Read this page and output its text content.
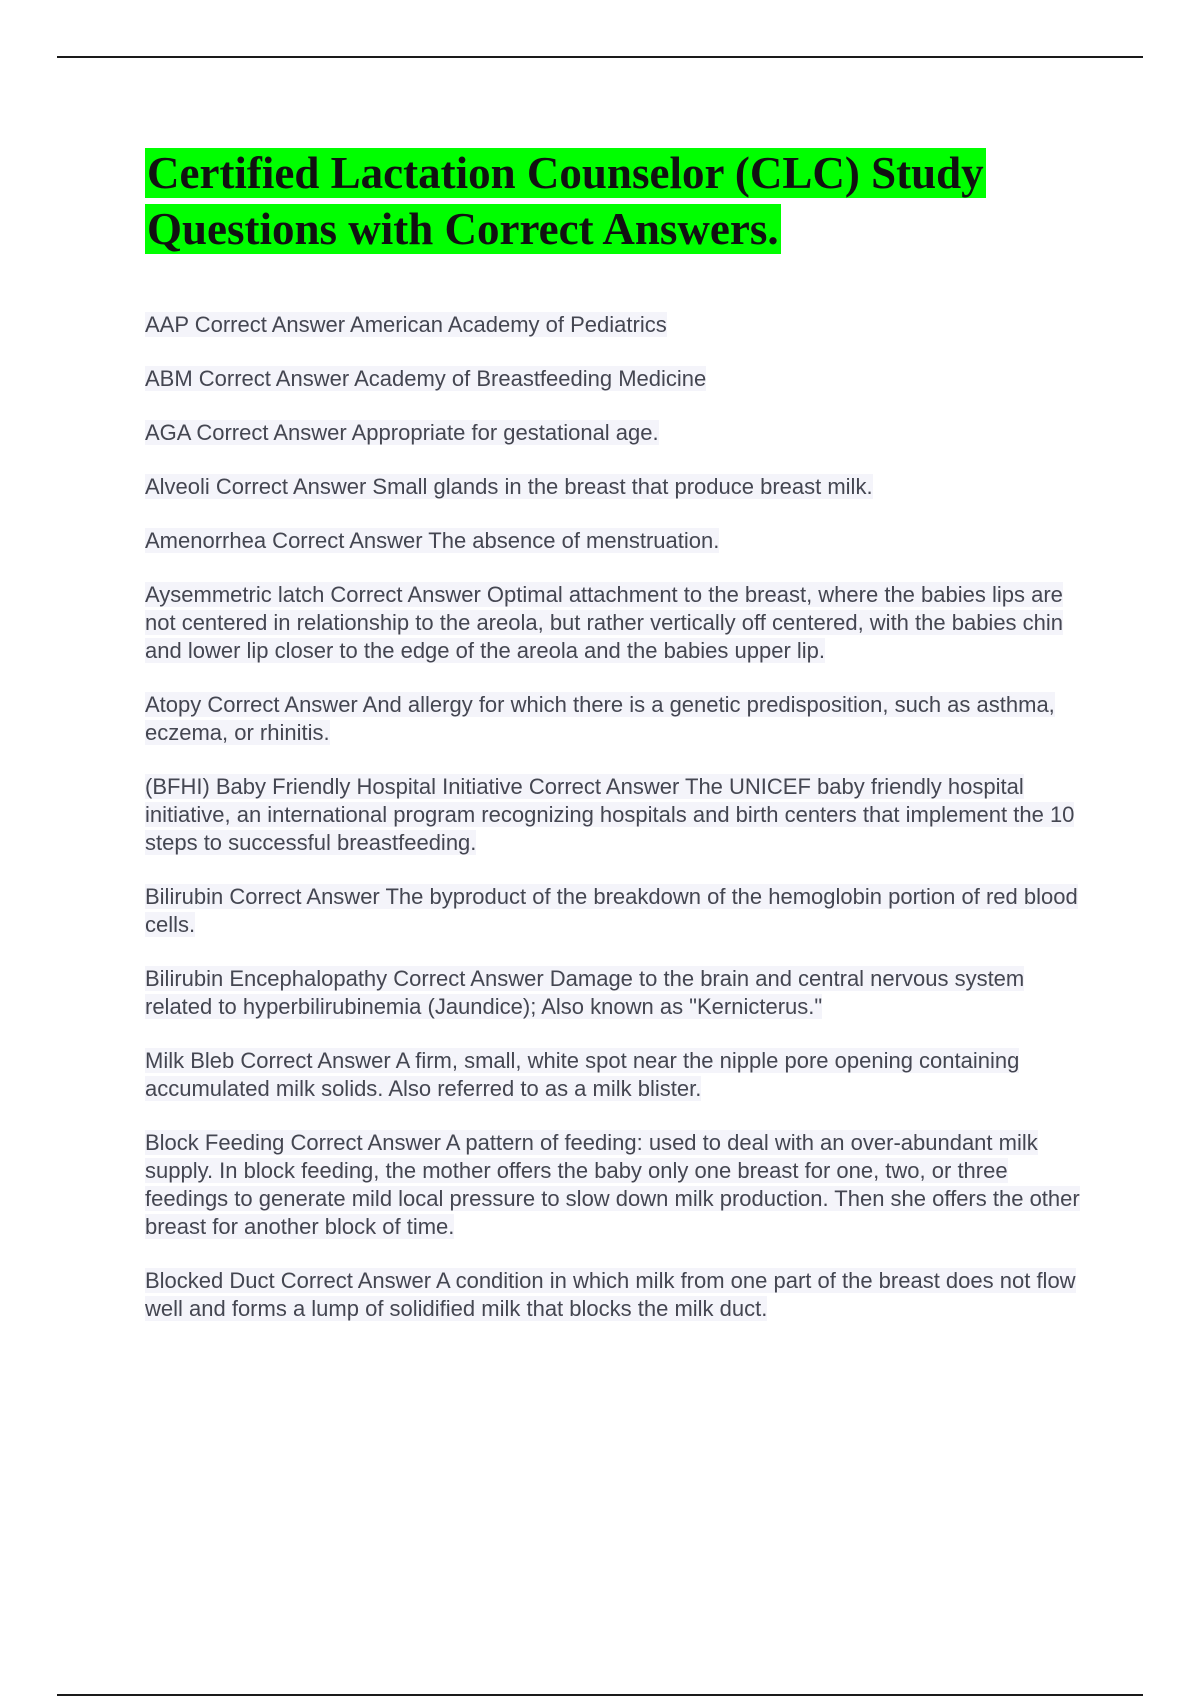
Certified Lactation Counselor (CLC) Study Questions with Correct Answers.

AAP Correct Answer American Academy of Pediatrics

ABM Correct Answer Academy of Breastfeeding Medicine

AGA Correct Answer Appropriate for gestational age.

Alveoli Correct Answer Small glands in the breast that produce breast milk.

Amenorrhea Correct Answer The absence of menstruation.

Aysemmetric latch Correct Answer Optimal attachment to the breast, where the babies lips are not centered in relationship to the areola, but rather vertically off centered, with the babies chin and lower lip closer to the edge of the areola and the babies upper lip.

Atopy Correct Answer And allergy for which there is a genetic predisposition, such as asthma, eczema, or rhinitis.

(BFHI) Baby Friendly Hospital Initiative Correct Answer The UNICEF baby friendly hospital initiative, an international program recognizing hospitals and birth centers that implement the 10 steps to successful breastfeeding.

Bilirubin Correct Answer The byproduct of the breakdown of the hemoglobin portion of red blood cells.

Bilirubin Encephalopathy Correct Answer Damage to the brain and central nervous system related to hyperbilirubinemia (Jaundice); Also known as "Kernicterus."

Milk Bleb Correct Answer A firm, small, white spot near the nipple pore opening containing accumulated milk solids. Also referred to as a milk blister.

Block Feeding Correct Answer A pattern of feeding: used to deal with an over-abundant milk supply. In block feeding, the mother offers the baby only one breast for one, two, or three feedings to generate mild local pressure to slow down milk production. Then she offers the other breast for another block of time.

Blocked Duct Correct Answer A condition in which milk from one part of the breast does not flow well and forms a lump of solidified milk that blocks the milk duct.
